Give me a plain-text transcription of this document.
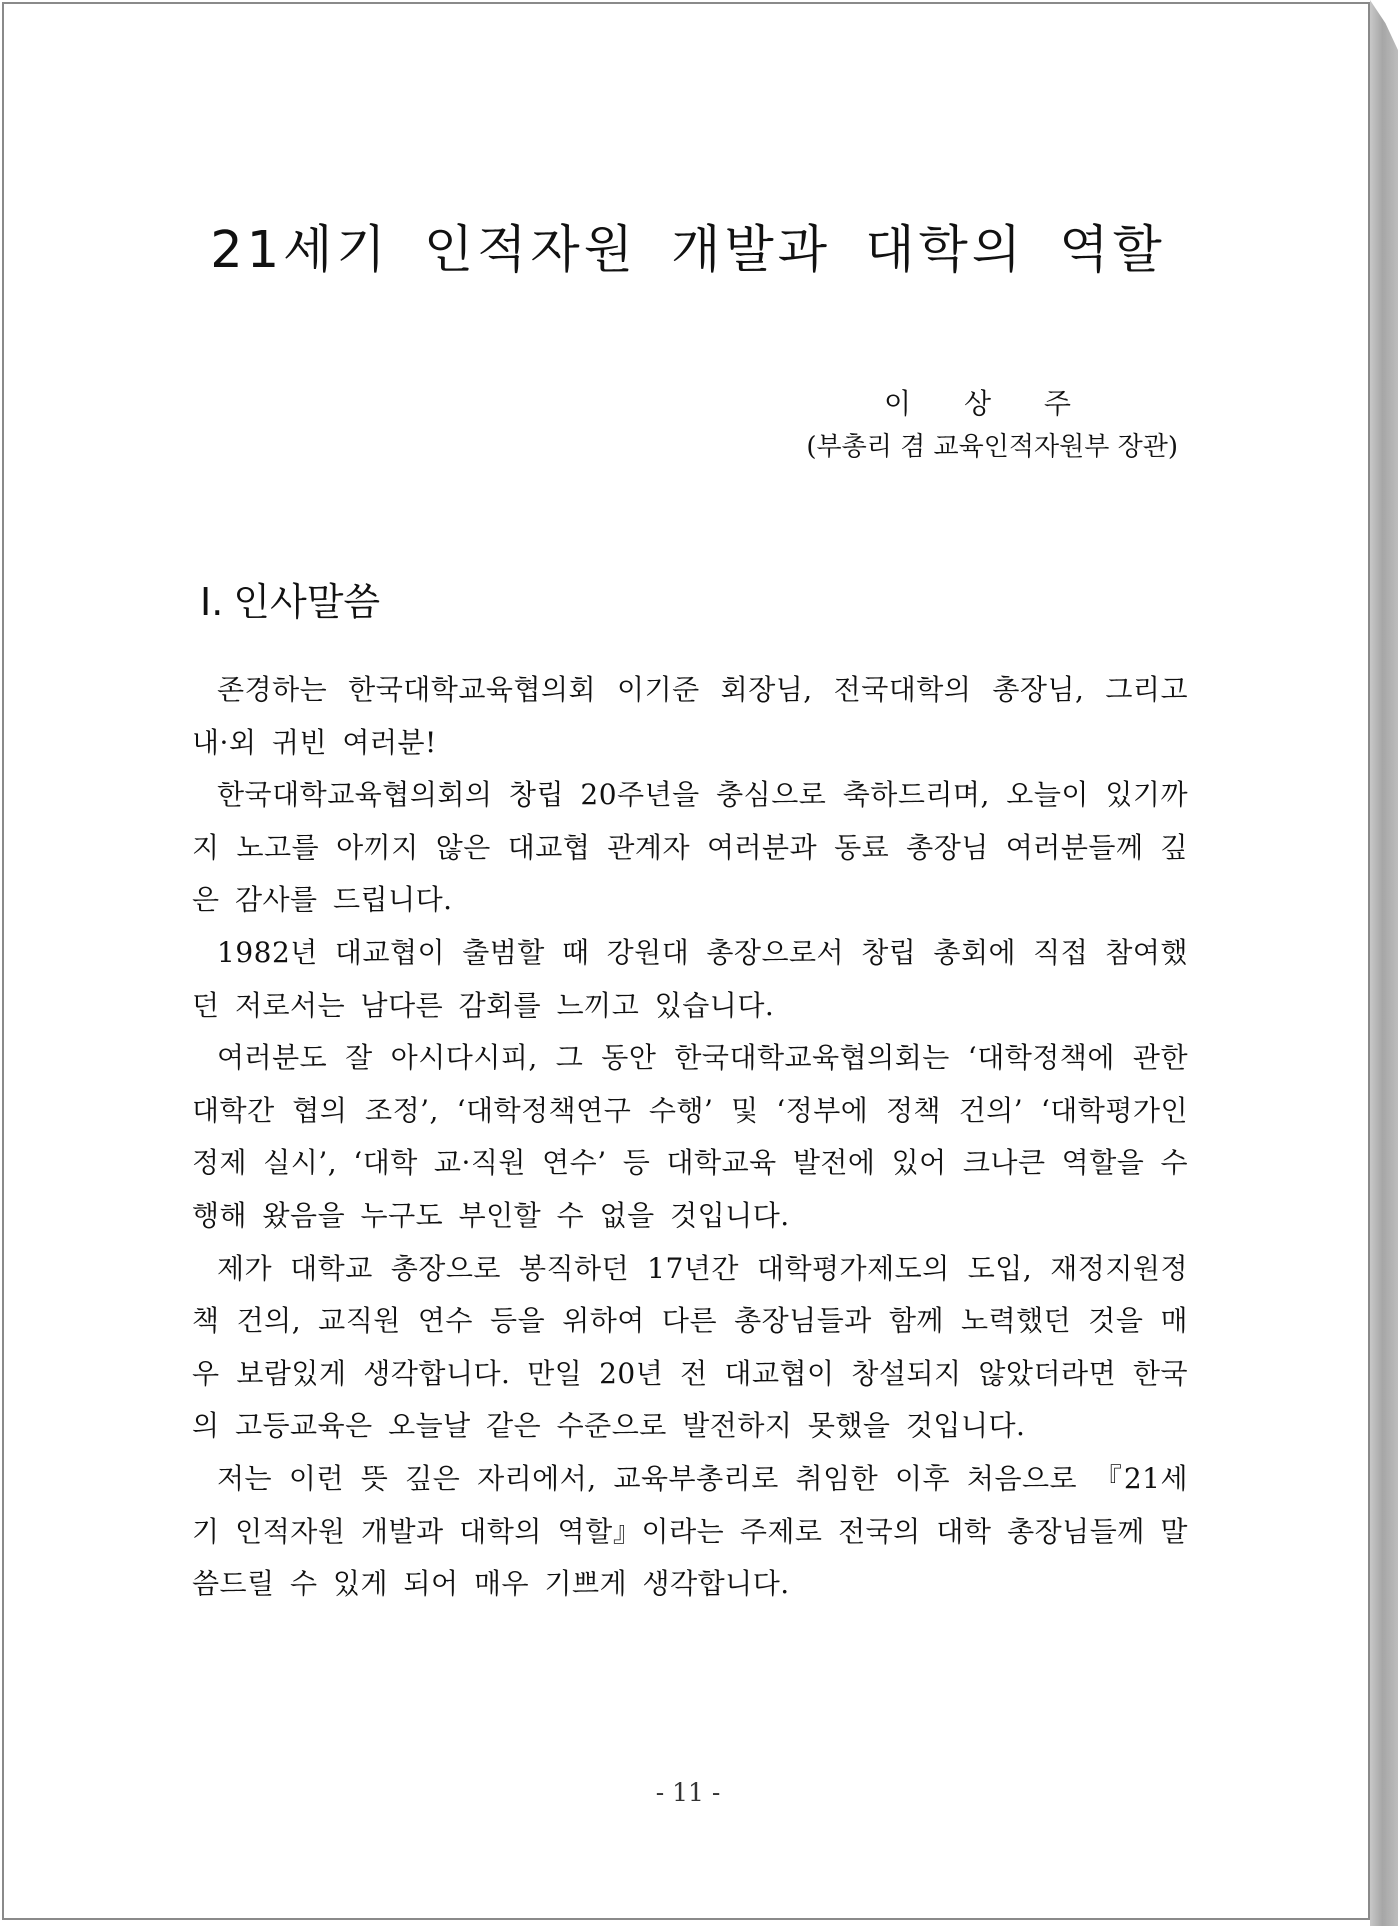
21세기 인적자원 개발과 대학의 역할
이 상 주
(부총리 겸 교육인적자원부 장관)
Ⅰ. 인사말씀

존경하는 한국대학교육협의회 이기준 회장님, 전국대학의 총장님, 그리고 내·외 귀빈 여러분!

한국대학교육협의회의 창립 20주년을 충심으로 축하드리며, 오늘이 있기까지 노고를 아끼지 않은 대교협 관계자 여러분과 동료 총장님 여러분들께 깊은 감사를 드립니다.

1982년 대교협이 출범할 때 강원대 총장으로서 창립 총회에 직접 참여했던 저로서는 남다른 감회를 느끼고 있습니다.

여러분도 잘 아시다시피, 그 동안 한국대학교육협의회는 ‘대학정책에 관한 대학간 협의 조정’, ‘대학정책연구 수행’ 및 ‘정부에 정책 건의’ ‘대학평가인정제 실시’, ‘대학 교·직원 연수’ 등 대학교육 발전에 있어 크나큰 역할을 수행해 왔음을 누구도 부인할 수 없을 것입니다.

제가 대학교 총장으로 봉직하던 17년간 대학평가제도의 도입, 재정지원정책 건의, 교직원 연수 등을 위하여 다른 총장님들과 함께 노력했던 것을 매우 보람있게 생각합니다. 만일 20년 전 대교협이 창설되지 않았더라면 한국의 고등교육은 오늘날 같은 수준으로 발전하지 못했을 것입니다.

저는 이런 뜻 깊은 자리에서, 교육부총리로 취임한 이후 처음으로 『21세기 인적자원 개발과 대학의 역할』이라는 주제로 전국의 대학 총장님들께 말씀드릴 수 있게 되어 매우 기쁘게 생각합니다.

- 11 -
